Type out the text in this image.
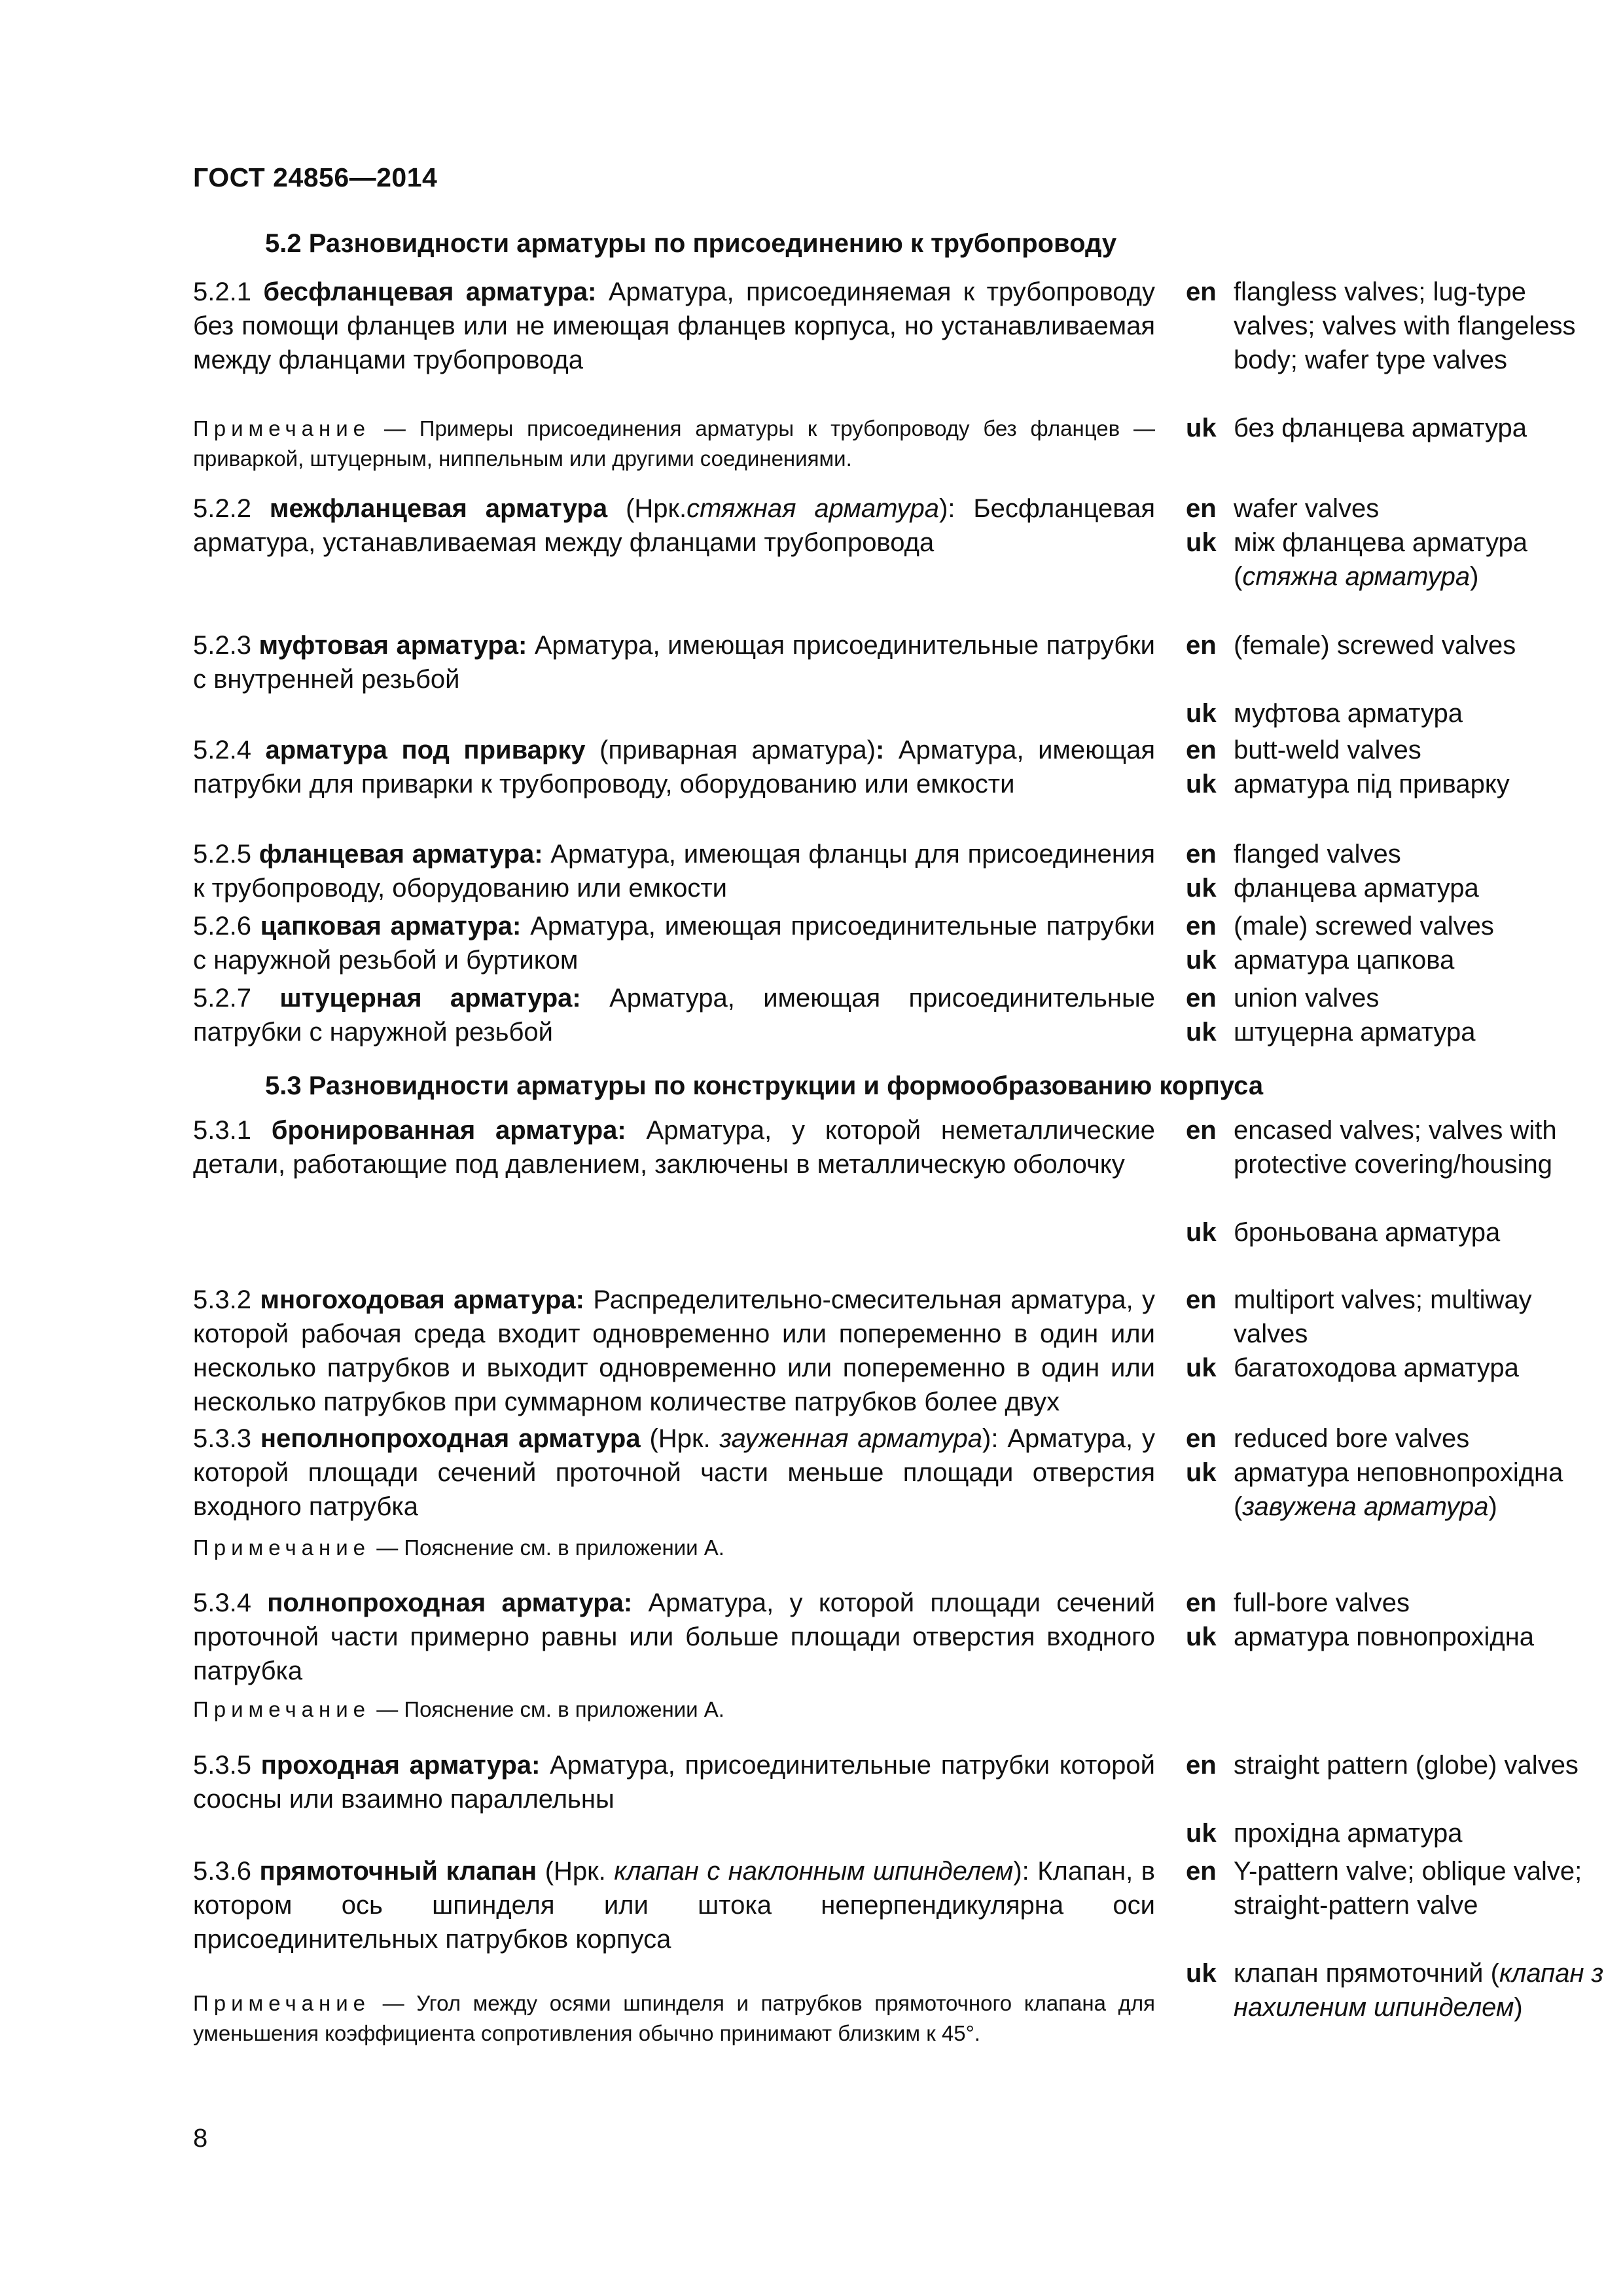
ГОСТ 24856—2014
5.2 Разновидности арматуры по присоединению к трубопроводу
5.2.1 бесфланцевая арматура: Арматура, присоединяемая к трубопроводу без помощи фланцев или не имеющая фланцев корпуса, но устанавливаемая между фланцами трубопровода
Примечание — Примеры присоединения арматуры к трубопроводу без фланцев — приваркой, штуцерным, ниппельным или другими соединениями.
en flangless valves; lug-type valves; valves with flangeless body; wafer type valves
uk без фланцева арматура
5.2.2 межфланцевая арматура (Нрк.стяжная арматура): Бесфланцевая арматура, устанавливаемая между фланцами трубопровода
en wafer valves
uk між фланцева арматура (стяжна арматура)
5.2.3 муфтовая арматура: Арматура, имеющая присоединительные патрубки с внутренней резьбой
en (female) screwed valves
uk муфтова арматура
5.2.4 арматура под приварку (приварная арматура): Арматура, имеющая патрубки для приварки к трубопроводу, оборудованию или емкости
en butt-weld valves
uk арматура під приварку
5.2.5 фланцевая арматура: Арматура, имеющая фланцы для присоединения к трубопроводу, оборудованию или емкости
en flanged valves
uk фланцева арматура
5.2.6 цапковая арматура: Арматура, имеющая присоединительные патрубки с наружной резьбой и буртиком
en (male) screwed valves
uk арматура цапкова
5.2.7 штуцерная арматура: Арматура, имеющая присоединительные патрубки с наружной резьбой
en union valves
uk штуцерна арматура
5.3 Разновидности арматуры по конструкции и формообразованию корпуса
5.3.1 бронированная арматура: Арматура, у которой неметаллические детали, работающие под давлением, заключены в металлическую оболочку
en encased valves; valves with protective covering/housing
uk броньована арматура
5.3.2 многоходовая арматура: Распределительно-смесительная арматура, у которой рабочая среда входит одновременно или попеременно в один или несколько патрубков и выходит одновременно или попеременно в один или несколько патрубков при суммарном количестве патрубков более двух
en multiport valves; multiway valves
uk багатоходова арматура
5.3.3 неполнопроходная арматура (Нрк. зауженная арматура): Арматура, у которой площади сечений проточной части меньше площади отверстия входного патрубка
Примечание — Пояснение см. в приложении А.
en reduced bore valves
uk арматура неповнопрохідна (завужена арматура)
5.3.4 полнопроходная арматура: Арматура, у которой площади сечений проточной части примерно равны или больше площади отверстия входного патрубка
Примечание — Пояснение см. в приложении А.
en full-bore valves
uk арматура повнопрохідна
5.3.5 проходная арматура: Арматура, присоединительные патрубки которой соосны или взаимно параллельны
en straight pattern (globe) valves
uk прохідна арматура
5.3.6 прямоточный клапан (Нрк. клапан с наклонным шпинделем): Клапан, в котором ось шпинделя или штока неперпендикулярна оси присоединительных патрубков корпуса
Примечание — Угол между осями шпинделя и патрубков прямоточного клапана для уменьшения коэффициента сопротивления обычно принимают близким к 45°.
en Y-pattern valve; oblique valve; straight-pattern valve
uk клапан прямоточний (клапан з нахиленим шпинделем)
8
